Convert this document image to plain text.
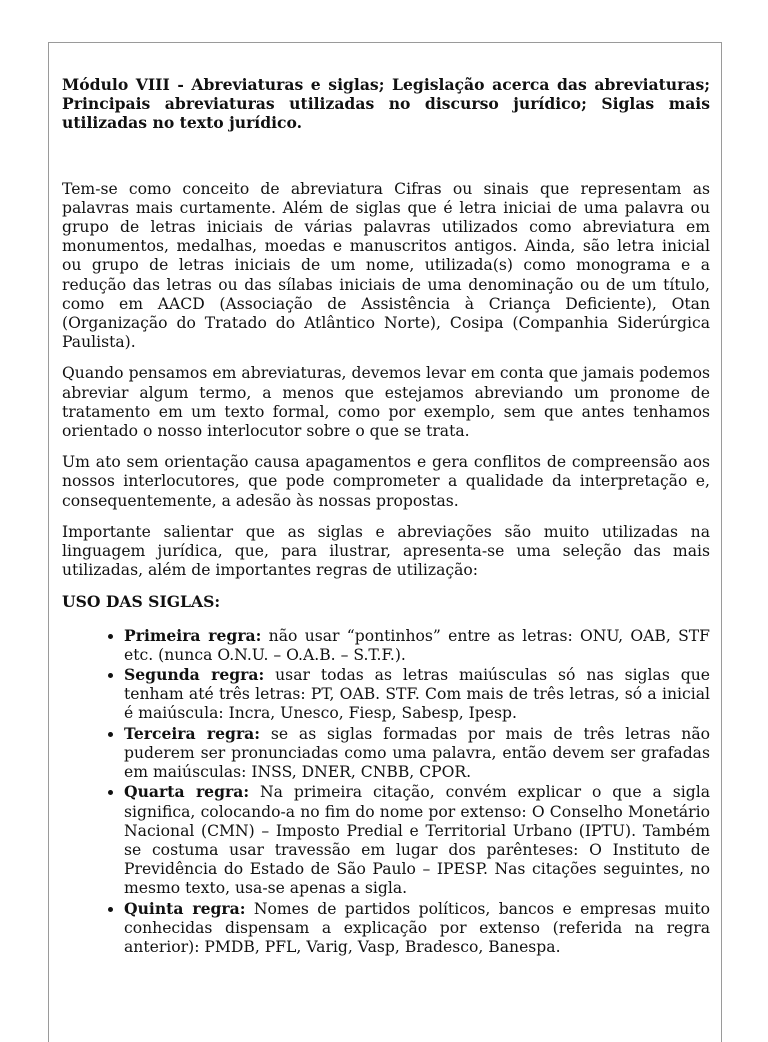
Módulo VIII - Abreviaturas e siglas; Legislação acerca das abreviaturas; Principais abreviaturas utilizadas no discurso jurídico; Siglas mais utilizadas no texto jurídico.

Tem-se como conceito de abreviatura Cifras ou sinais que representam as palavras mais curtamente. Além de siglas que é letra iniciai de uma palavra ou grupo de letras iniciais de várias palavras utilizados como abreviatura em monumentos, medalhas, moedas e manuscritos antigos. Ainda, são letra inicial ou grupo de letras iniciais de um nome, utilizada(s) como monograma e a redução das letras ou das sílabas iniciais de uma denominação ou de um título, como em AACD (Associação de Assistência à Criança Deficiente), Otan (Organização do Tratado do Atlântico Norte), Cosipa (Companhia Siderúrgica Paulista).

Quando pensamos em abreviaturas, devemos levar em conta que jamais podemos abreviar algum termo, a menos que estejamos abreviando um pronome de tratamento em um texto formal, como por exemplo, sem que antes tenhamos orientado o nosso interlocutor sobre o que se trata.

Um ato sem orientação causa apagamentos e gera conflitos de compreensão aos nossos interlocutores, que pode comprometer a qualidade da interpretação e, consequentemente, a adesão às nossas propostas.

Importante salientar que as siglas e abreviações são muito utilizadas na linguagem jurídica, que, para ilustrar, apresenta-se uma seleção das mais utilizadas, além de importantes regras de utilização:

USO DAS SIGLAS:
• Primeira regra: não usar “pontinhos” entre as letras: ONU, OAB, STF etc. (nunca O.N.U. – O.A.B. – S.T.F.).
• Segunda regra: usar todas as letras maiúsculas só nas siglas que tenham até três letras: PT, OAB. STF. Com mais de três letras, só a inicial é maiúscula: Incra, Unesco, Fiesp, Sabesp, Ipesp.
• Terceira regra: se as siglas formadas por mais de três letras não puderem ser pronunciadas como uma palavra, então devem ser grafadas em maiúsculas: INSS, DNER, CNBB, CPOR.
• Quarta regra: Na primeira citação, convém explicar o que a sigla significa, colocando-a no fim do nome por extenso: O Conselho Monetário Nacional (CMN) – Imposto Predial e Territorial Urbano (IPTU). Também se costuma usar travessão em lugar dos parênteses: O Instituto de Previdência do Estado de São Paulo – IPESP. Nas citações seguintes, no mesmo texto, usa-se apenas a sigla.
• Quinta regra: Nomes de partidos políticos, bancos e empresas muito conhecidas dispensam a explicação por extenso (referida na regra anterior): PMDB, PFL, Varig, Vasp, Bradesco, Banespa.
